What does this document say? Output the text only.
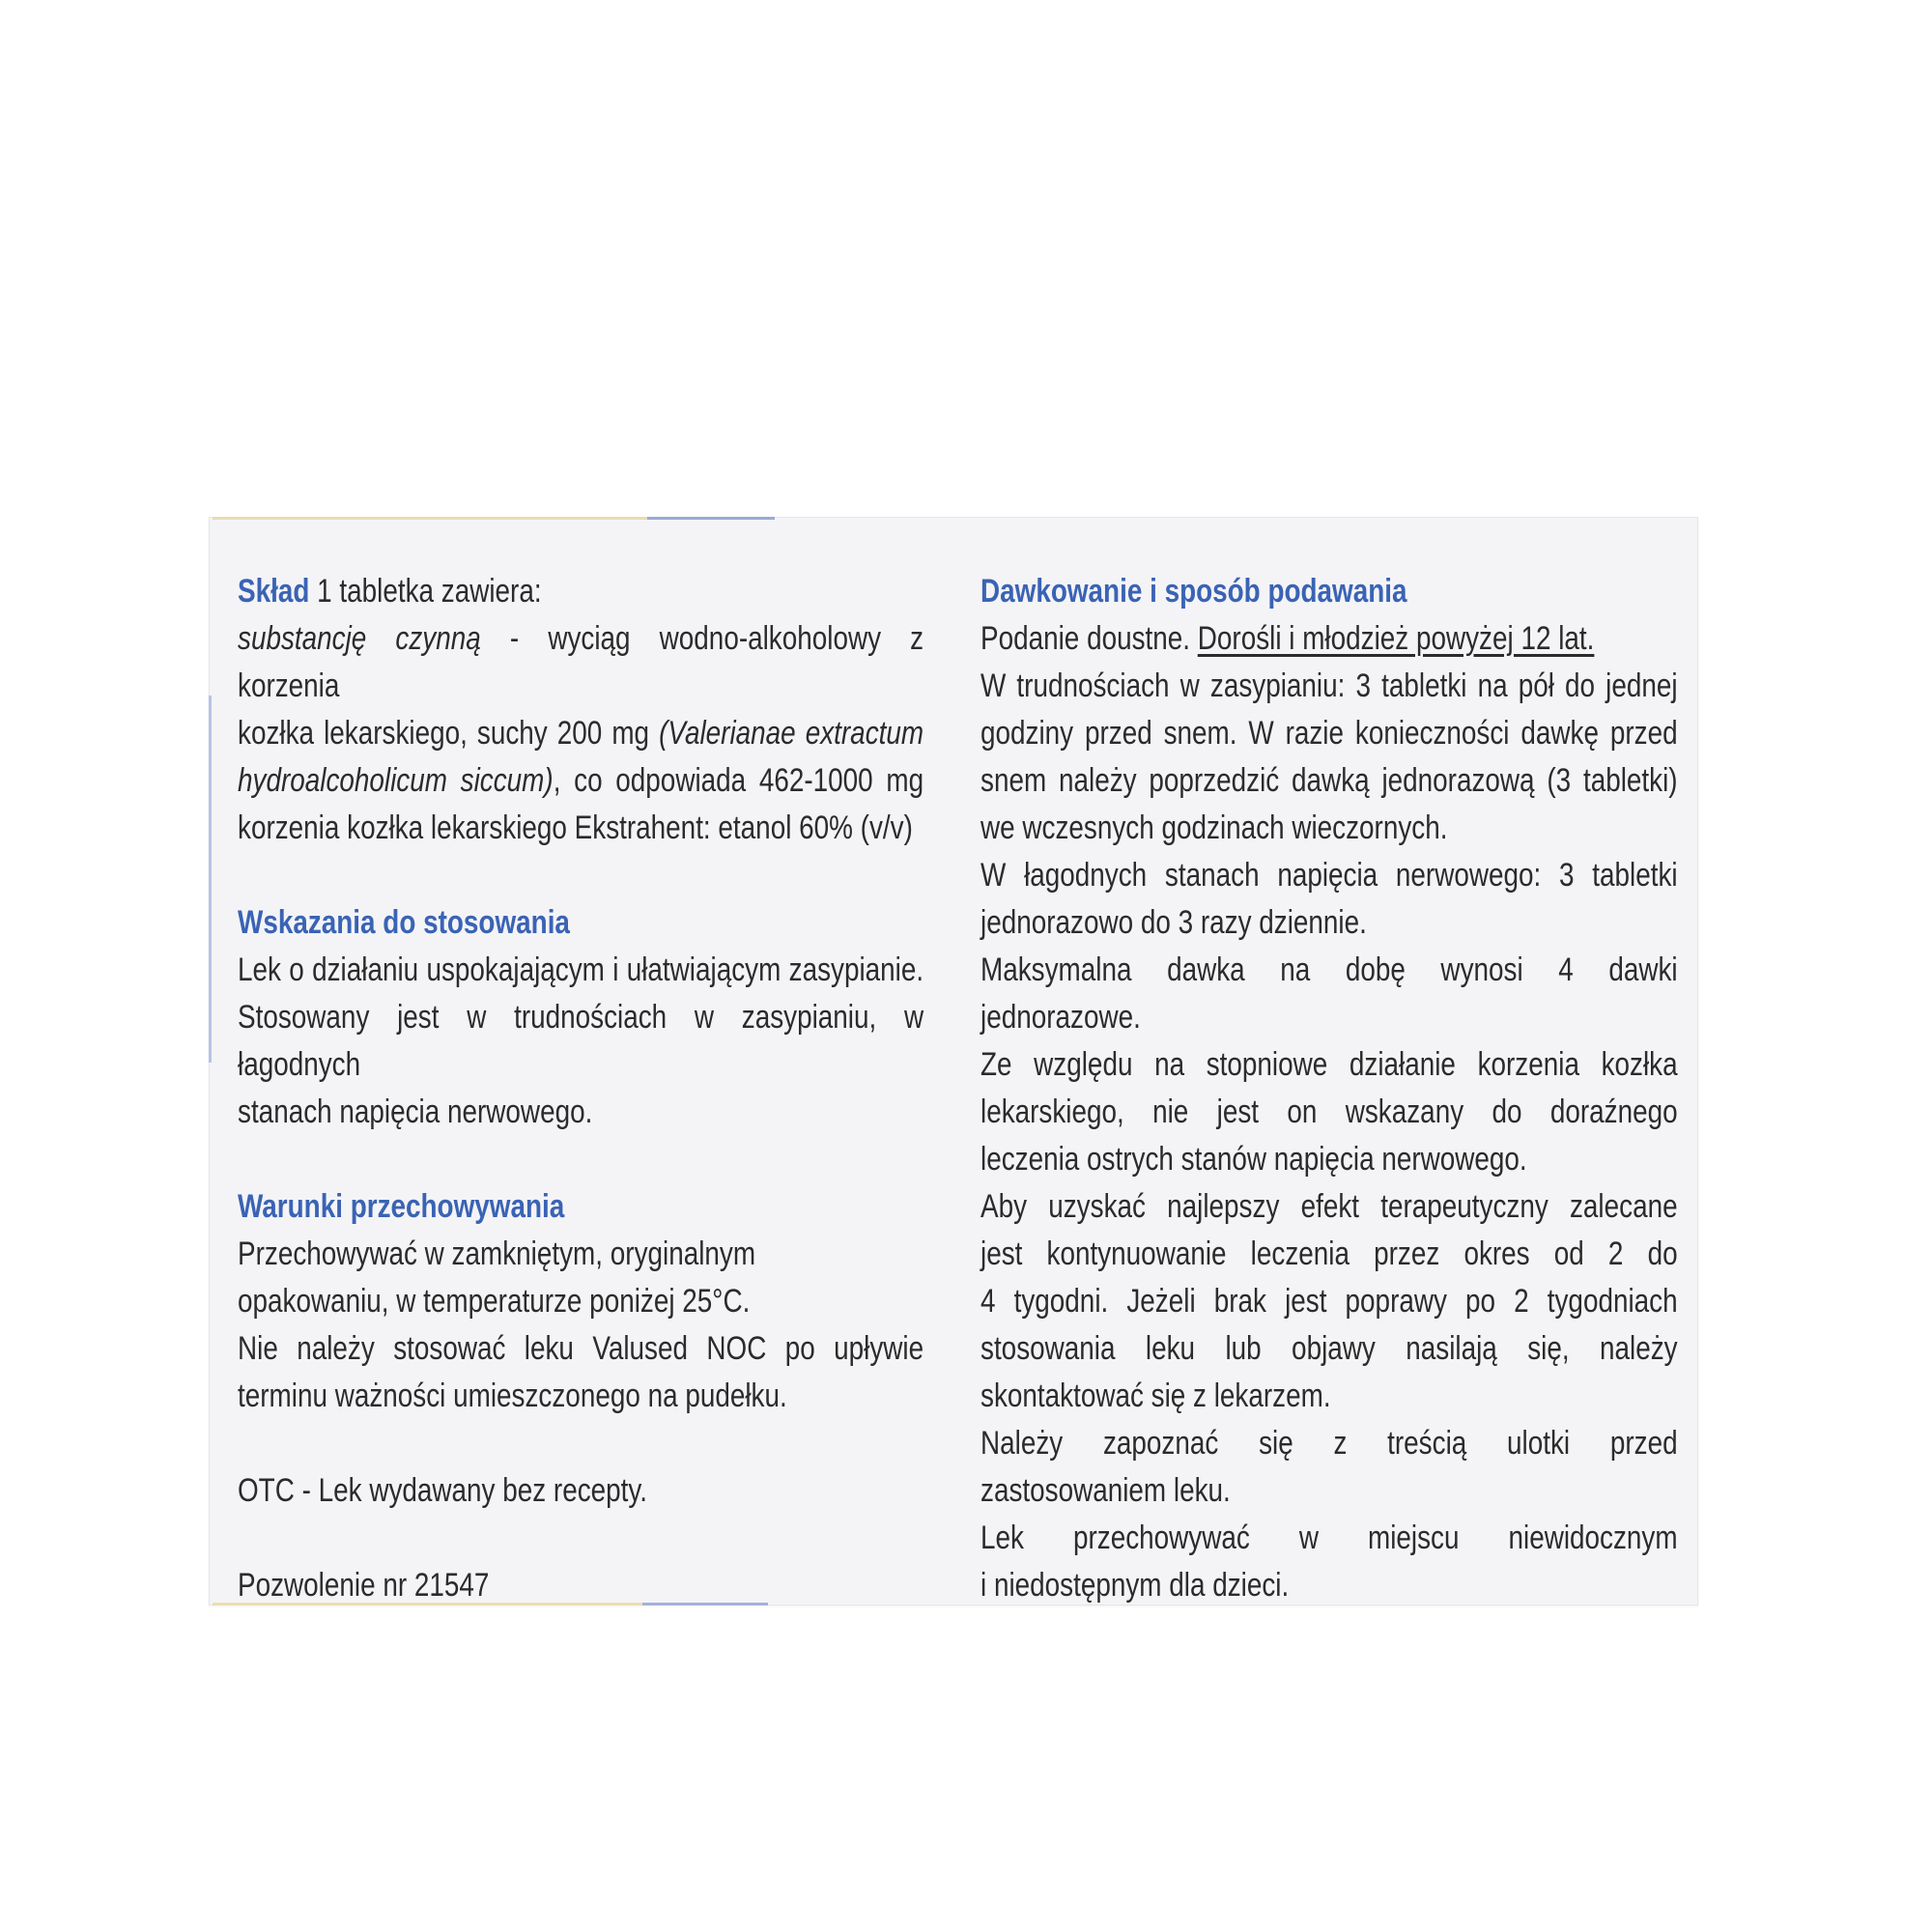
Skład 1 tabletka zawiera:
substancję czynną - wyciąg wodno-alkoholowy z korzenia
kozłka lekarskiego, suchy 200 mg (Valerianae extractum
hydroalcoholicum siccum), co odpowiada 462-1000 mg
korzenia kozłka lekarskiego Ekstrahent: etanol 60% (v/v)
Wskazania do stosowania
Lek o działaniu uspokajającym i ułatwiającym zasypianie.
Stosowany jest w trudnościach w zasypianiu, w łagodnych
stanach napięcia nerwowego.
Warunki przechowywania
Przechowywać w zamkniętym, oryginalnym
opakowaniu, w temperaturze poniżej 25°C.
Nie należy stosować leku Valused NOC po upływie
terminu ważności umieszczonego na pudełku.
OTC - Lek wydawany bez recepty.
Pozwolenie nr 21547
Dawkowanie i sposób podawania
Podanie doustne. Dorośli i młodzież powyżej 12 lat.
W trudnościach w zasypianiu: 3 tabletki na pół do jednej
godziny przed snem. W razie konieczności dawkę przed
snem należy poprzedzić dawką jednorazową (3 tabletki)
we wczesnych godzinach wieczornych.
W łagodnych stanach napięcia nerwowego: 3 tabletki
jednorazowo do 3 razy dziennie.
Maksymalna dawka na dobę wynosi 4 dawki jednorazowe.
Ze względu na stopniowe działanie korzenia kozłka
lekarskiego, nie jest on wskazany do doraźnego
leczenia ostrych stanów napięcia nerwowego.
Aby uzyskać najlepszy efekt terapeutyczny zalecane
jest kontynuowanie leczenia przez okres od 2 do
4 tygodni. Jeżeli brak jest poprawy po 2 tygodniach
stosowania leku lub objawy nasilają się, należy
skontaktować się z lekarzem.
Należy zapoznać się z treścią ulotki przed
zastosowaniem leku.
Lek przechowywać w miejscu niewidocznym
i niedostępnym dla dzieci.
